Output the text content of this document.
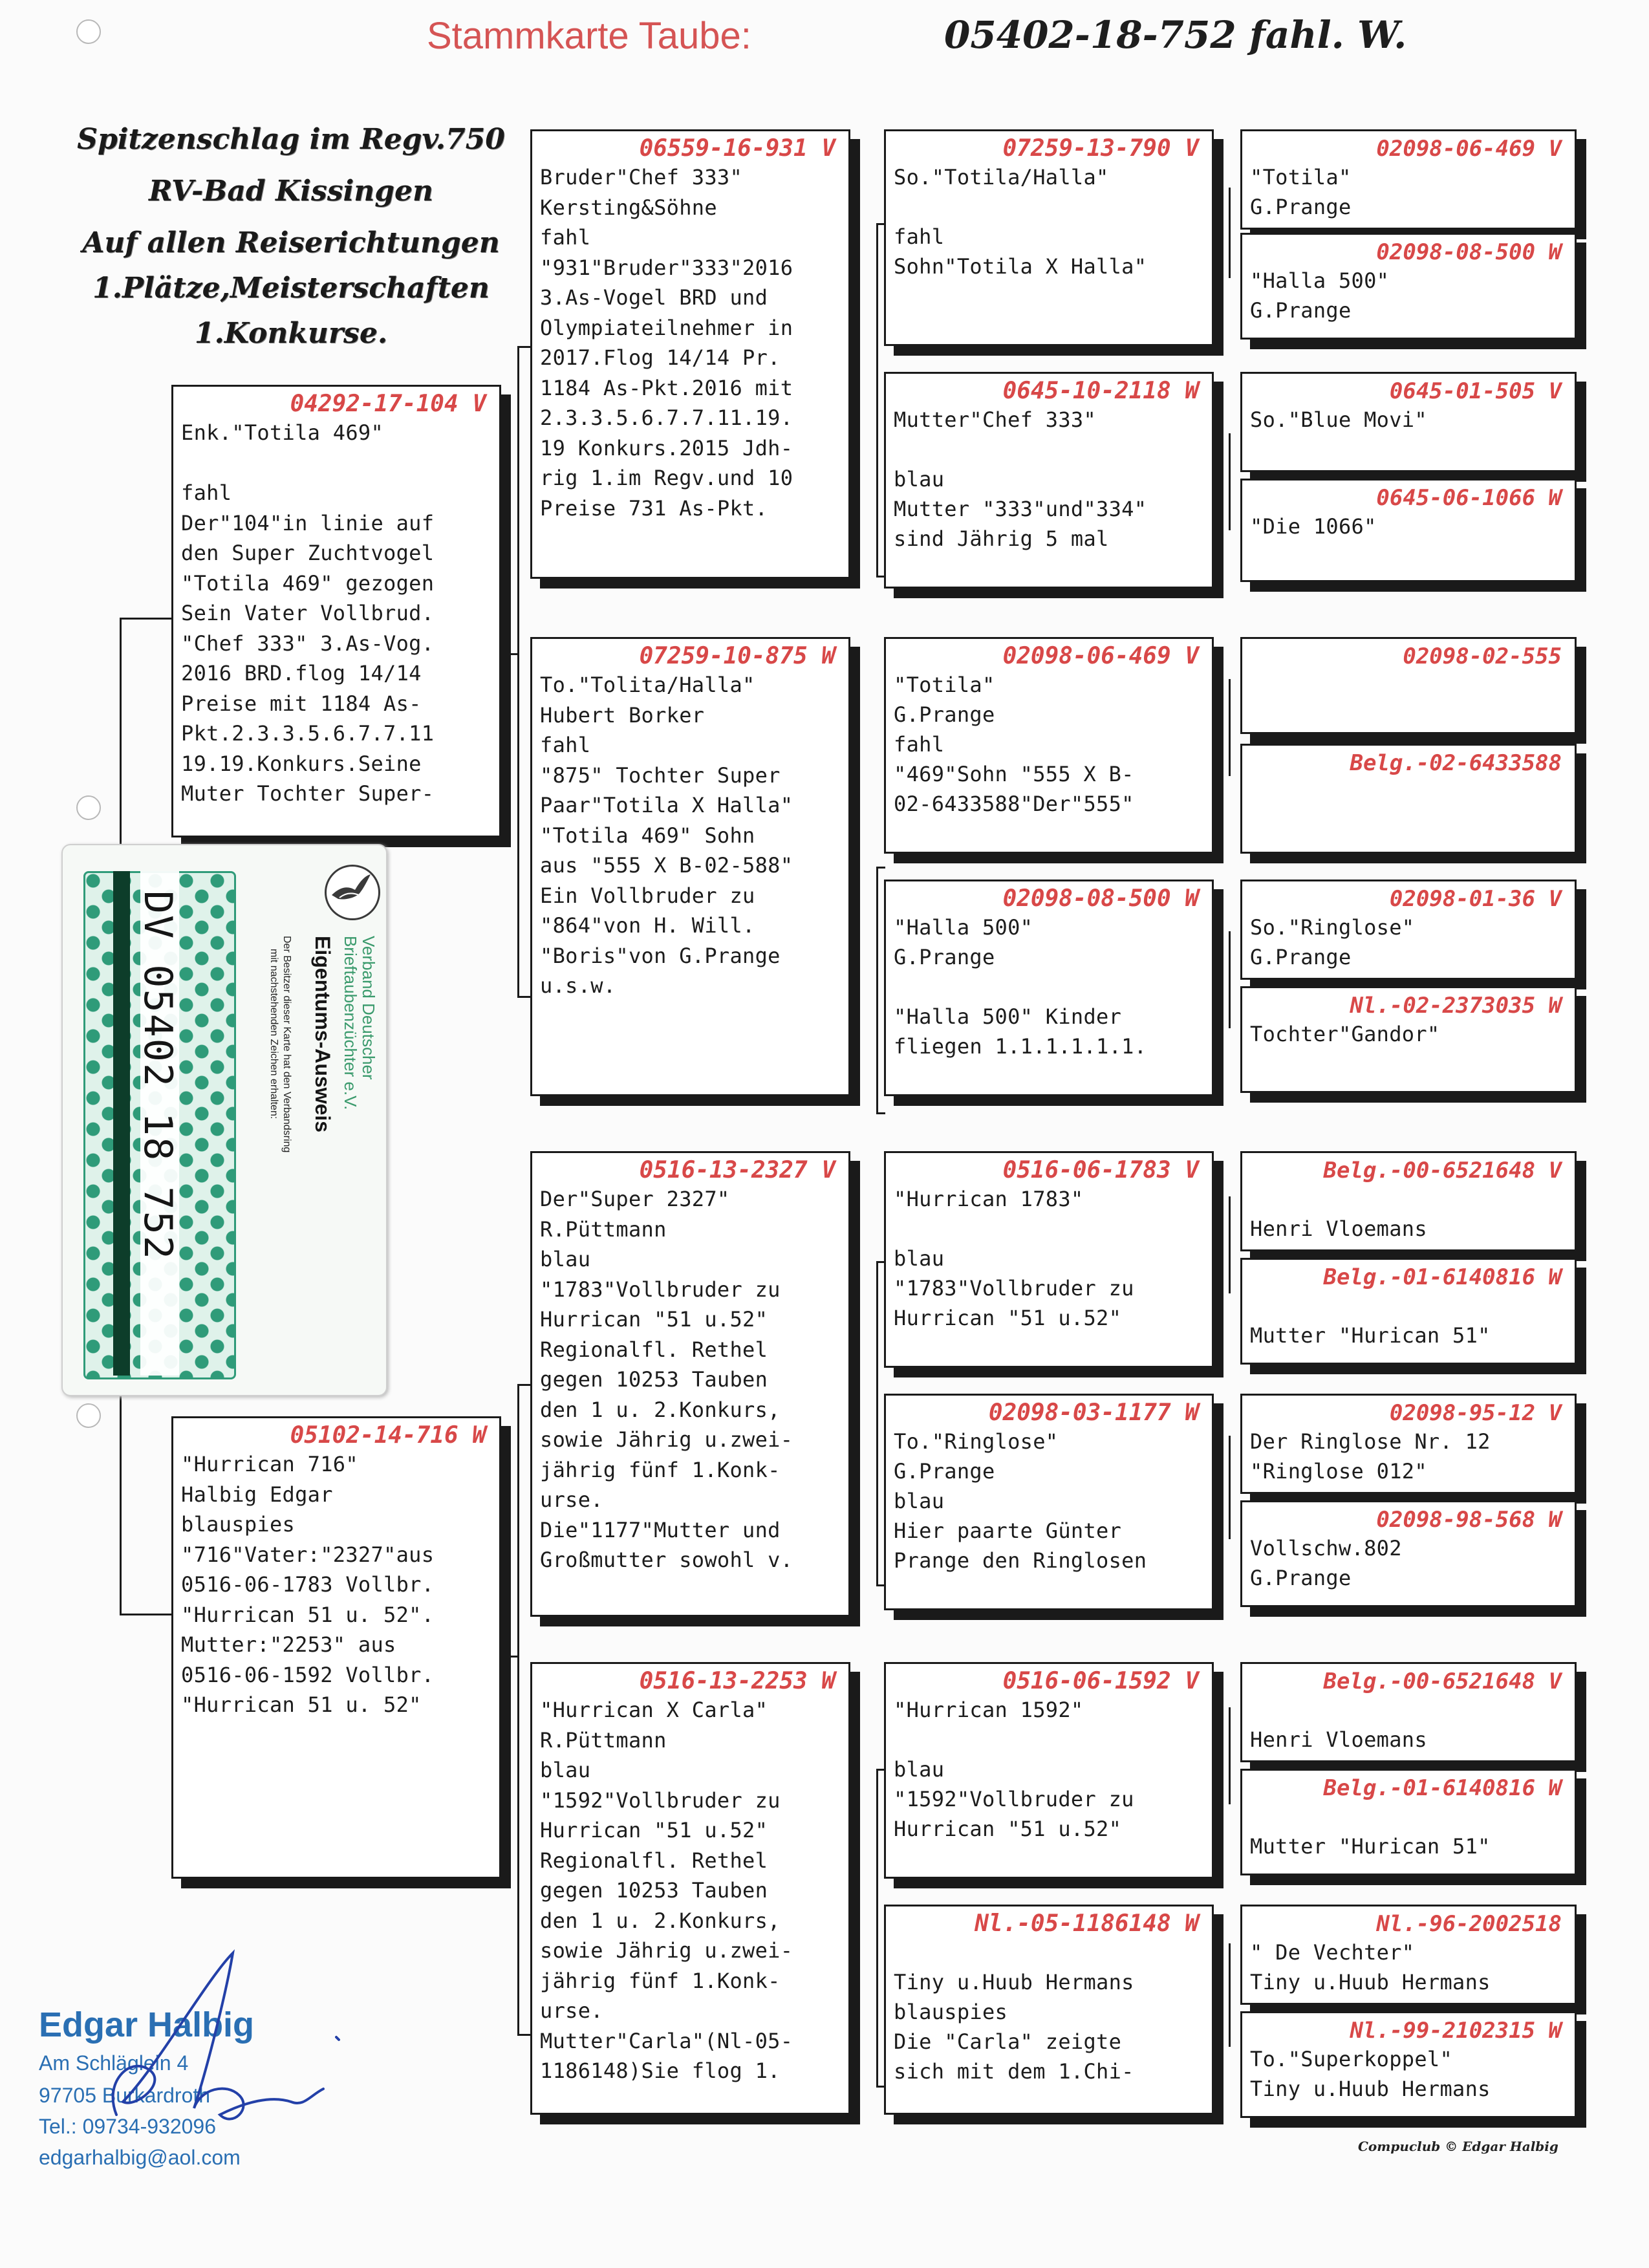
Stammkarte Taube:	05402-18-752 fahl. W.
Spitzenschlag im Regv.750
RV-Bad Kissingen
Auf allen Reiserichtungen
1.Plätze,Meisterschaften
1.Konkurse.
04292-17-104 V
Enk."Totila 469"

fahl
Der"104"in linie auf
den Super Zuchtvogel
"Totila 469" gezogen
Sein Vater Vollbrud.
"Chef 333" 3.As-Vog.
2016 BRD.flog 14/14
Preise mit 1184 As-
Pkt.2.3.3.5.6.7.7.11
19.19.Konkurs.Seine
Muter Tochter Super-
05102-14-716 W
"Hurrican 716"
Halbig Edgar
blauspies
"716"Vater:"2327"aus
0516-06-1783 Vollbr.
"Hurrican 51 u. 52".
Mutter:"2253" aus
0516-06-1592 Vollbr.
"Hurrican 51 u. 52"
06559-16-931 V
Bruder"Chef 333"
Kersting&Söhne
fahl
"931"Bruder"333"2016
3.As-Vogel BRD und
Olympiateilnehmer in
2017.Flog 14/14 Pr.
1184 As-Pkt.2016 mit
2.3.3.5.6.7.7.11.19.
19 Konkurs.2015 Jdh-
rig 1.im Regv.und 10
Preise 731 As-Pkt.
07259-10-875 W
To."Tolita/Halla"
Hubert Borker
fahl
"875" Tochter Super
Paar"Totila X Halla"
"Totila 469" Sohn
aus "555 X B-02-588"
Ein Vollbruder zu
"864"von H. Will.
"Boris"von G.Prange
u.s.w.
0516-13-2327 V
Der"Super 2327"
R.Püttmann
blau
"1783"Vollbruder zu
Hurrican "51 u.52"
Regionalfl. Rethel
gegen 10253 Tauben
den 1 u. 2.Konkurs,
sowie Jährig u.zwei-
jährig fünf 1.Konk-
urse.
Die"1177"Mutter und
Großmutter sowohl v.
0516-13-2253 W
"Hurrican X Carla"
R.Püttmann
blau
"1592"Vollbruder zu
Hurrican "51 u.52"
Regionalfl. Rethel
gegen 10253 Tauben
den 1 u. 2.Konkurs,
sowie Jährig u.zwei-
jährig fünf 1.Konk-
urse.
Mutter"Carla"(Nl-05-
1186148)Sie flog 1.
07259-13-790 V
So."Totila/Halla"

fahl
Sohn"Totila X Halla"
0645-10-2118 W
Mutter"Chef 333"

blau
Mutter "333"und"334"
sind Jährig 5 mal
02098-06-469 V
"Totila"
G.Prange
fahl
"469"Sohn "555 X B-
02-6433588"Der"555"
02098-08-500 W
"Halla 500"
G.Prange

"Halla 500" Kinder
fliegen 1.1.1.1.1.1.
0516-06-1783 V
"Hurrican 1783"

blau
"1783"Vollbruder zu
Hurrican "51 u.52"
02098-03-1177 W
To."Ringlose"
G.Prange
blau
Hier paarte Günter
Prange den Ringlosen
0516-06-1592 V
"Hurrican 1592"

blau
"1592"Vollbruder zu
Hurrican "51 u.52"
Nl.-05-1186148 W

Tiny u.Huub Hermans
blauspies
Die "Carla" zeigte
sich mit dem 1.Chi-
02098-06-469 V
"Totila"
G.Prange
02098-08-500 W
"Halla 500"
G.Prange
0645-01-505 V
So."Blue Movi"
0645-06-1066 W
"Die 1066"
02098-02-555
Belg.-02-6433588
02098-01-36 V
So."Ringlose"
G.Prange
Nl.-02-2373035 W
Tochter"Gandor"
Belg.-00-6521648 V

Henri Vloemans
Belg.-01-6140816 W

Mutter "Hurican 51"
02098-95-12 V
Der Ringlose Nr. 12
"Ringlose 012"
02098-98-568 W
Vollschw.802
G.Prange
Belg.-00-6521648 V

Henri Vloemans
Belg.-01-6140816 W

Mutter "Hurican 51"
Nl.-96-2002518
" De Vechter"
Tiny u.Huub Hermans
Nl.-99-2102315 W
To."Superkoppel"
Tiny u.Huub Hermans
DV 05402 18 752	Eigentums-Ausweis
Der Besitzer dieser Karte hat den Verbandsring
mit nachstehenden Zeichen erhalten:	Verband Deutscher
Brieftaubenzüchter e.V.
Edgar Halbig
Am Schläglein 4
97705 Burkardroth
Tel.: 09734-932096
edgarhalbig@aol.com	Compuclub © Edgar Halbig
